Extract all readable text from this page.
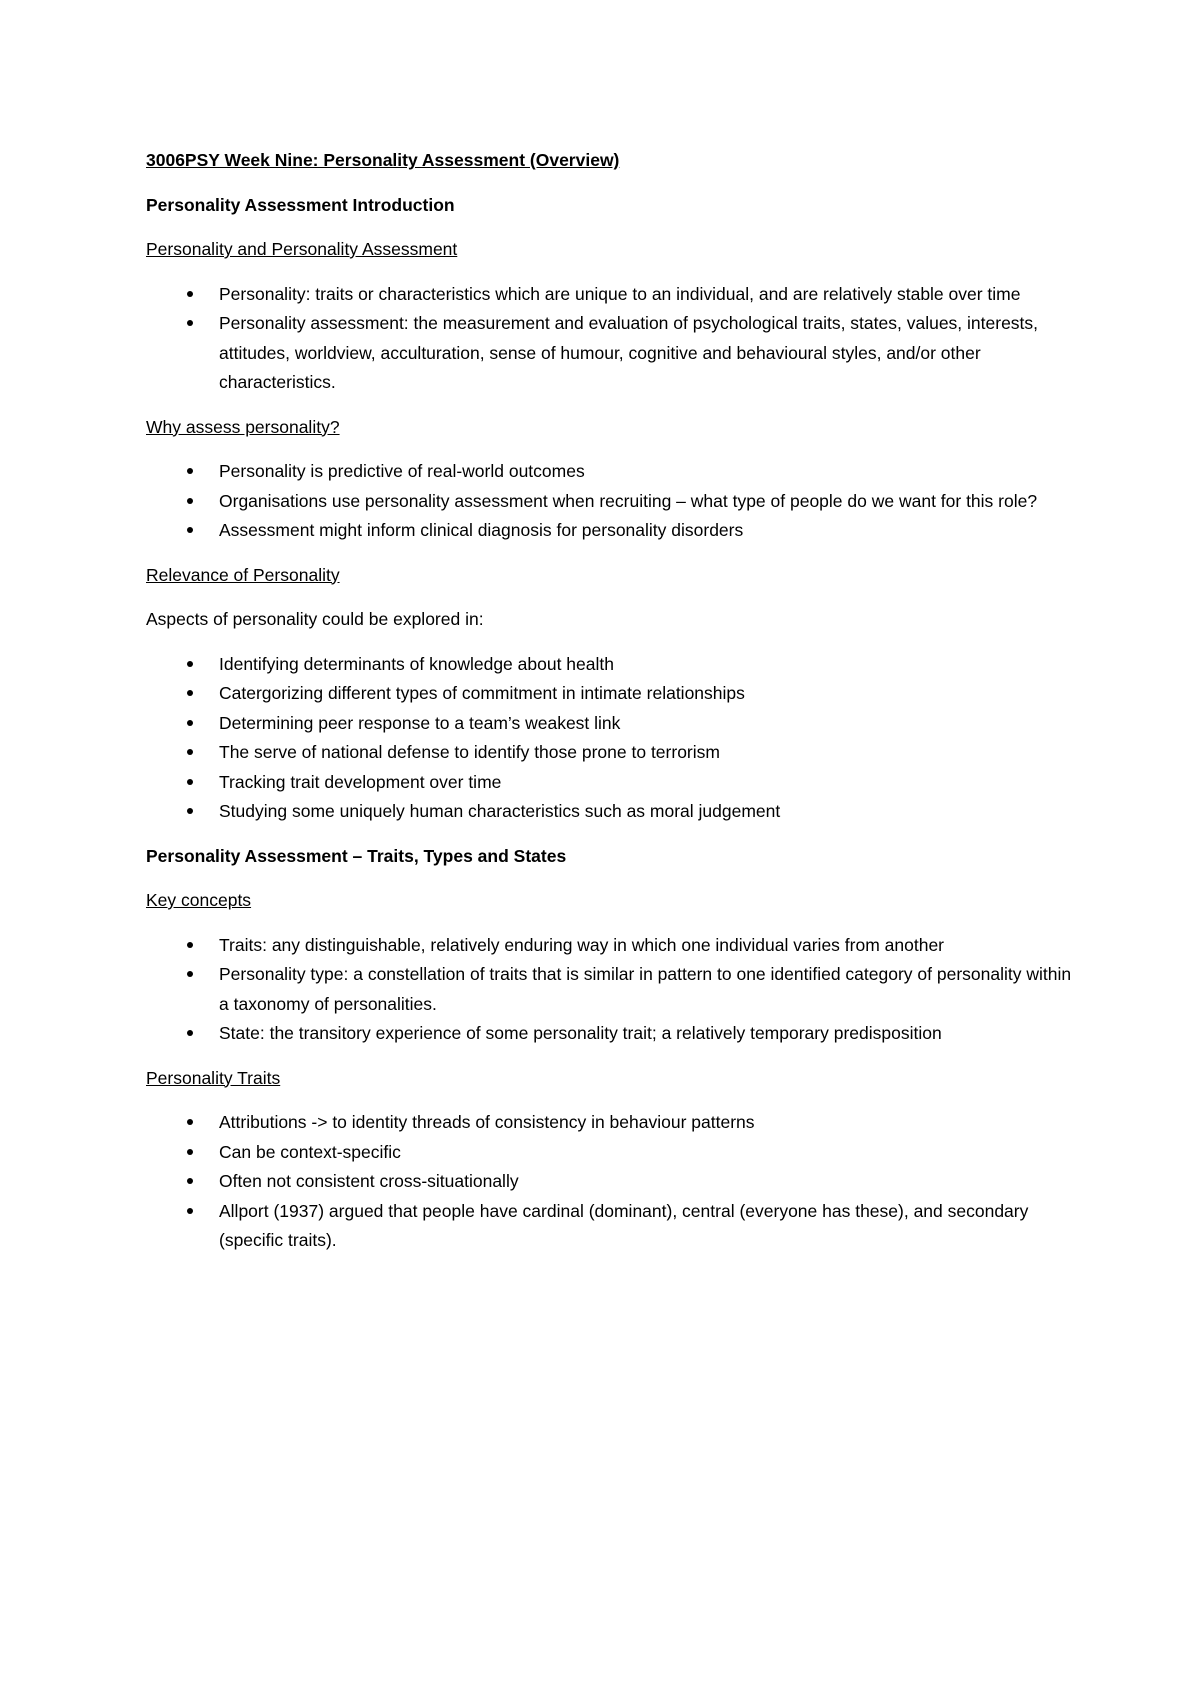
3006PSY Week Nine: Personality Assessment (Overview)
Personality Assessment Introduction
Personality and Personality Assessment
Personality: traits or characteristics which are unique to an individual, and are relatively stable over time
Personality assessment: the measurement and evaluation of psychological traits, states, values, interests, attitudes, worldview, acculturation, sense of humour, cognitive and behavioural styles, and/or other characteristics.
Why assess personality?
Personality is predictive of real-world outcomes
Organisations use personality assessment when recruiting – what type of people do we want for this role?
Assessment might inform clinical diagnosis for personality disorders
Relevance of Personality
Aspects of personality could be explored in:
Identifying determinants of knowledge about health
Catergorizing different types of commitment in intimate relationships
Determining peer response to a team’s weakest link
The serve of national defense to identify those prone to terrorism
Tracking trait development over time
Studying some uniquely human characteristics such as moral judgement
Personality Assessment – Traits, Types and States
Key concepts
Traits: any distinguishable, relatively enduring way in which one individual varies from another
Personality type: a constellation of traits that is similar in pattern to one identified category of personality within a taxonomy of personalities.
State: the transitory experience of some personality trait; a relatively temporary predisposition
Personality Traits
Attributions -> to identity threads of consistency in behaviour patterns
Can be context-specific
Often not consistent cross-situationally
Allport (1937) argued that people have cardinal (dominant), central (everyone has these), and secondary (specific traits).
